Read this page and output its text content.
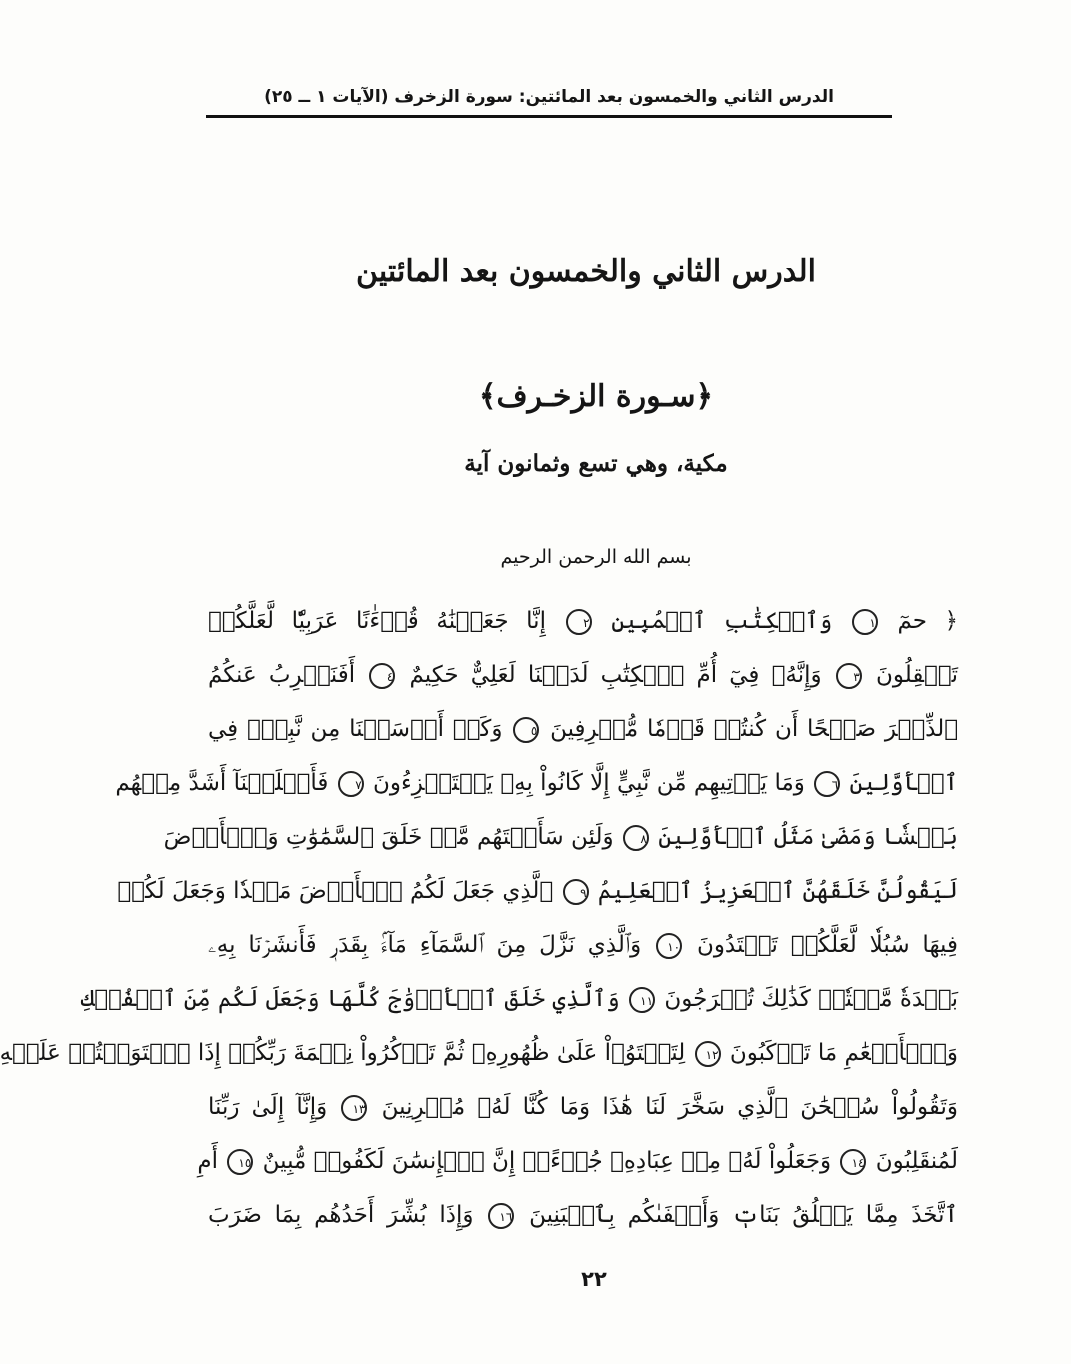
الدرس الثاني والخمسون بعد المائتين: سورة الزخرف (الآيات ١ ــ ٢٥)
الدرس الثاني والخمسون بعد المائتين
﴿سـورة الزخـرف﴾
مكية، وهي تسع وثمانون آية
بسم الله الرحمن الرحيم
﴿ حمٓ ١ وَٱلۡكِتَٰبِ ٱلۡمُبِينِ ٢ إِنَّا جَعَلۡنَٰهُ قُرۡءَٰنًا عَرَبِيّٗا لَّعَلَّكُمۡ
تَعۡقِلُونَ ٣ وَإِنَّهُۥ فِيٓ أُمِّ ٱلۡكِتَٰبِ لَدَيۡنَا لَعَلِيٌّ حَكِيمٌ ٤ أَفَنَضۡرِبُ عَنكُمُ
ٱلذِّكۡرَ صَفۡحًا أَن كُنتُمۡ قَوۡمٗا مُّسۡرِفِينَ ٥ وَكَمۡ أَرۡسَلۡنَا مِن نَّبِيّٖ فِي
ٱلۡأَوَّلِينَ ٦ وَمَا يَأۡتِيهِم مِّن نَّبِيٍّ إِلَّا كَانُواْ بِهِۦ يَسۡتَهۡزِءُونَ ٧ فَأَهۡلَكۡنَآ أَشَدَّ مِنۡهُم
بَطۡشٗا وَمَضَىٰ مَثَلُ ٱلۡأَوَّلِينَ ٨ وَلَئِن سَأَلۡتَهُم مَّنۡ خَلَقَ ٱلسَّمَٰوَٰتِ وَٱلۡأَرۡضَ
لَيَقُولُنَّ خَلَقَهُنَّ ٱلۡعَزِيزُ ٱلۡعَلِيمُ ٩ ٱلَّذِي جَعَلَ لَكُمُ ٱلۡأَرۡضَ مَهۡدٗا وَجَعَلَ لَكُمۡ
فِيهَا سُبُلٗا لَّعَلَّكُمۡ تَهۡتَدُونَ ١٠ وَٱلَّذِي نَزَّلَ مِنَ ٱلسَّمَآءِ مَآءَۢ بِقَدَرٖ فَأَنشَرۡنَا بِهِۦ
بَلۡدَةٗ مَّيۡتٗاۚ كَذَٰلِكَ تُخۡرَجُونَ ١١ وَٱلَّذِي خَلَقَ ٱلۡأَزۡوَٰجَ كُلَّهَا وَجَعَلَ لَكُم مِّنَ ٱلۡفُلۡكِ
وَٱلۡأَنۡعَٰمِ مَا تَرۡكَبُونَ ١٢ لِتَسۡتَوُۥاْ عَلَىٰ ظُهُورِهِۦ ثُمَّ تَذۡكُرُواْ نِعۡمَةَ رَبِّكُمۡ إِذَا ٱسۡتَوَيۡتُمۡ عَلَيۡهِ
وَتَقُولُواْ سُبۡحَٰنَ ٱلَّذِي سَخَّرَ لَنَا هَٰذَا وَمَا كُنَّا لَهُۥ مُقۡرِنِينَ ١٣ وَإِنَّآ إِلَىٰ رَبِّنَا
لَمُنقَلِبُونَ ١٤ وَجَعَلُواْ لَهُۥ مِنۡ عِبَادِهِۦ جُزۡءًاۚ إِنَّ ٱلۡإِنسَٰنَ لَكَفُورٞ مُّبِينٌ ١٥ أَمِ
ٱتَّخَذَ مِمَّا يَخۡلُقُ بَنَاتٖ وَأَصۡفَىٰكُم بِٱلۡبَنِينَ ١٦ وَإِذَا بُشِّرَ أَحَدُهُم بِمَا ضَرَبَ
٢٢
